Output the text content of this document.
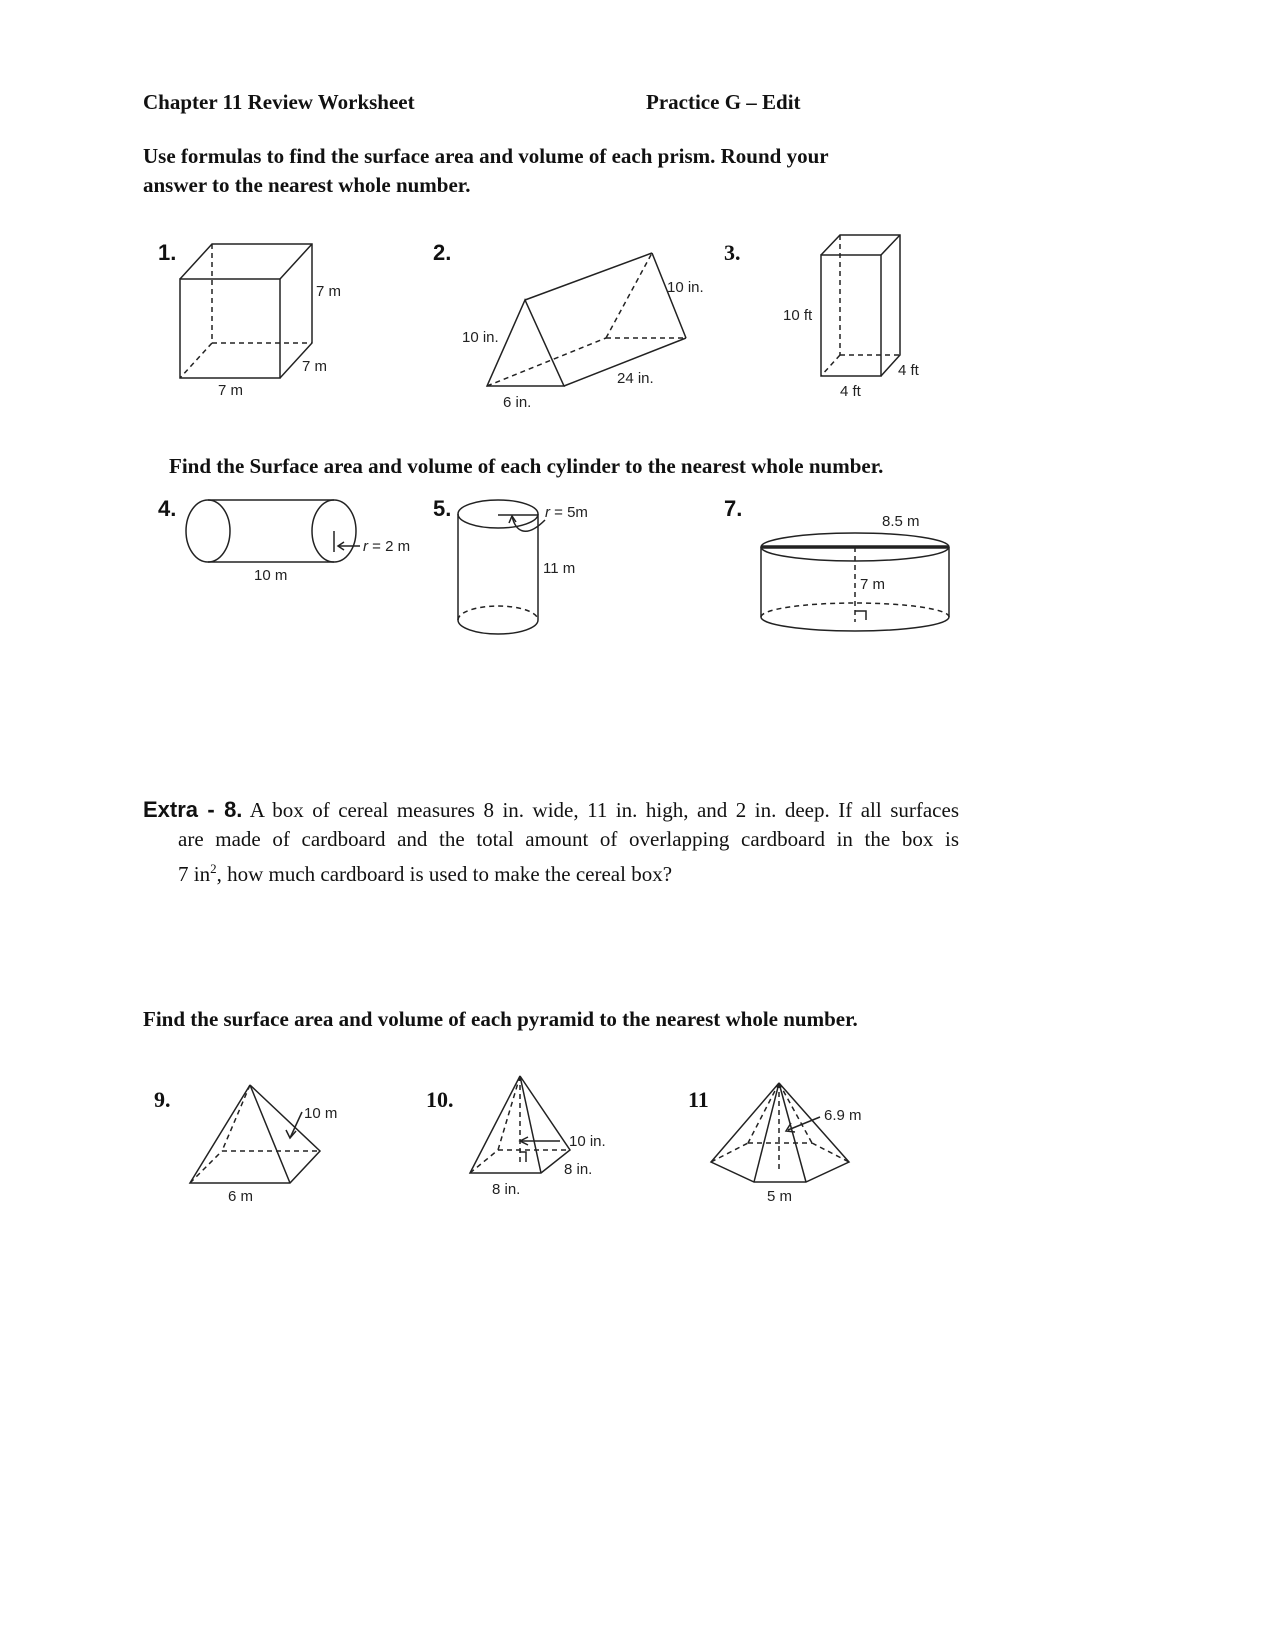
Chapter 11 Review Worksheet	Practice G – Edit
Use formulas to find the surface area and volume of each prism. Round your
answer to the nearest whole number.
1.
7 m
7 m
7 m
2.
10 in.
10 in.
24 in.
6 in.
3.
10 ft
4 ft
4 ft
Find the Surface area and volume of each cylinder to the nearest whole number.
4.
r = 2 m
10 m
5.	r = 5m
11 m
7.
8.5 m
7 m

Extra - 8. A box of cereal measures 8 in. wide, 11 in. high, and 2 in. deep. If all surfaces

are made of cardboard and the total amount of overlapping cardboard in the box is

7 $in^2$, how much cardboard is used to make the cereal box?

Find the surface area and volume of each pyramid to the nearest whole number.
9.
10 m
6 m
10.
10 in.
8 in.
8 in.
11
6.9 m
5 m
